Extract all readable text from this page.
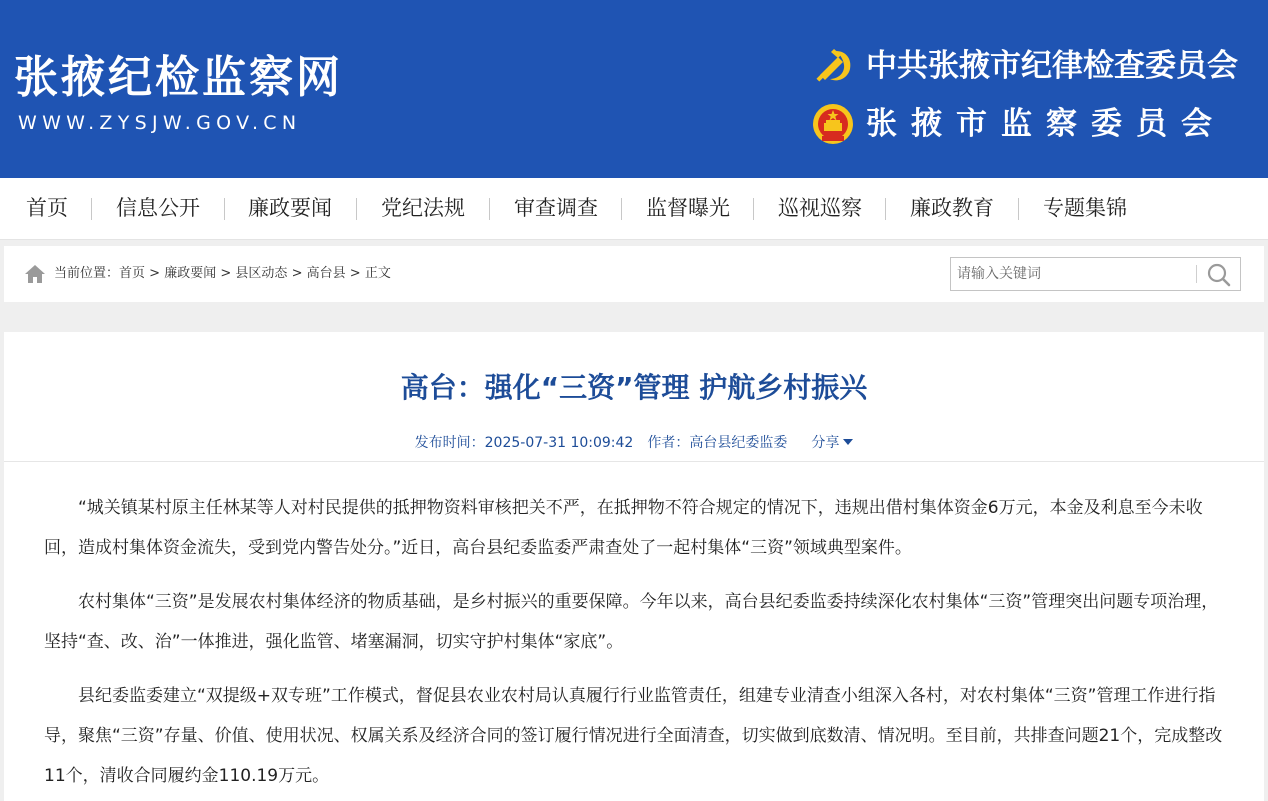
张掖纪检监察网
WWW.ZYSJW.GOV.CN
中共张掖市纪律检查委员会
张掖市监察委员会
首页 信息公开 廉政要闻 党纪法规 审查调查 监督曝光 巡视巡察 廉政教育 专题集锦
当前位置：首页 > 廉政要闻 > 县区动态 > 高台县 > 正文
请输入关键词
高台：强化“三资”管理 护航乡村振兴
发布时间：2025-07-31 10:09:42 作者：高台县纪委监委 分享

“城关镇某村原主任林某等人对村民提供的抵押物资料审核把关不严，在抵押物不符合规定的情况下，违规出借村集体资金6万元，本金及利息至今未收回，造成村集体资金流失，受到党内警告处分。”近日，高台县纪委监委严肃查处了一起村集体“三资”领域典型案件。

农村集体“三资”是发展农村集体经济的物质基础，是乡村振兴的重要保障。今年以来，高台县纪委监委持续深化农村集体“三资”管理突出问题专项治理，坚持“查、改、治”一体推进，强化监管、堵塞漏洞，切实守护村集体“家底”。

县纪委监委建立“双提级+双专班”工作模式，督促县农业农村局认真履行行业监管责任，组建专业清查小组深入各村，对农村集体“三资”管理工作进行指导，聚焦“三资”存量、价值、使用状况、权属关系及经济合同的签订履行情况进行全面清查，切实做到底数清、情况明。至目前，共排查问题21个，完成整改11个，清收合同履约金110.19万元。
